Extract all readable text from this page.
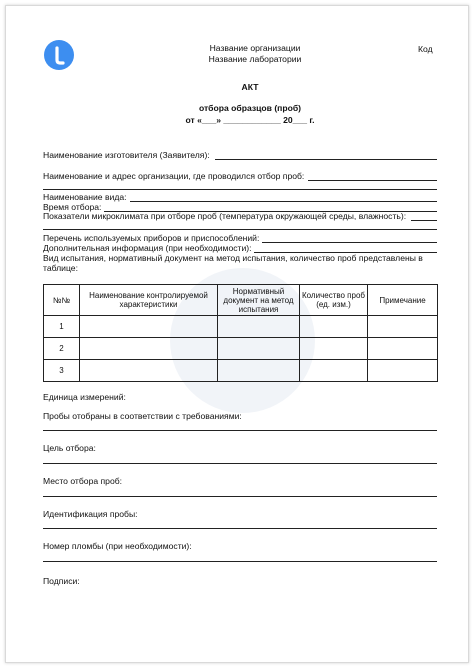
Название организации
Название лаборатории
Код
АКТ
отбора образцов (проб)
от «___» ____________ 20___ г.
Наименование изготовителя (Заявителя):
Наименование и адрес организации, где проводился отбор проб:
Наименование вида:
Время отбора:
Показатели микроклимата при отборе проб (температура окружающей среды, влажность):
Перечень используемых приборов и приспособлений:
Дополнительная информация (при необходимости):
Вид испытания, нормативный документ на метод испытания, количество проб представлены в
таблице:
№№	Наименование контролируемой характеристики	Нормативный документ на метод испытания	Количество проб (ед. изм.)	Примечание
1				
2				
3				
Единица измерений:
Пробы отобраны в соответствии с требованиями:
Цель отбора:
Место отбора проб:
Идентификация пробы:
Номер пломбы (при необходимости):
Подписи:
